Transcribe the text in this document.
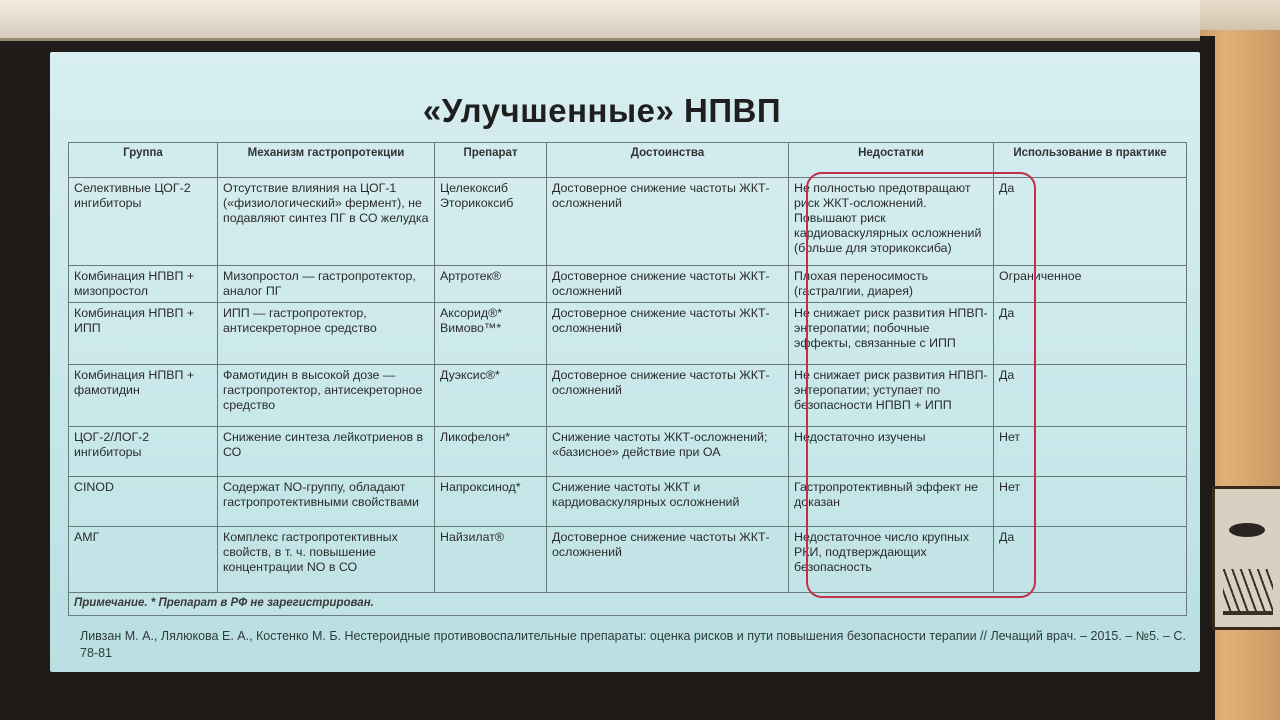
«Улучшенные» НПВП
Группа	Механизм гастропротекции	Препарат	Достоинства	Недостатки	Использование в практике
Селективные ЦОГ-2 ингибиторы	Отсутствие влияния на ЦОГ-1 («физиологический» фермент), не подавляют синтез ПГ в СО желудка	Целекоксиб Эторикоксиб	Достоверное снижение частоты ЖКТ-осложнений	Не полностью предотвращают риск ЖКТ-осложнений. Повышают риск кардиоваскулярных осложнений (больше для эторикоксиба)	Да
Комбинация НПВП + мизопростол	Мизопростол — гастропротектор, аналог ПГ	Артротек®	Достоверное снижение частоты ЖКТ-осложнений	Плохая переносимость (гастралгии, диарея)	Ограниченное
Комбинация НПВП + ИПП	ИПП — гастропротектор, антисекреторное средство	Аксорид®* Вимово™*	Достоверное снижение частоты ЖКТ-осложнений	Не снижает риск развития НПВП-энтеропатии; побочные эффекты, связанные с ИПП	Да
Комбинация НПВП + фамотидин	Фамотидин в высокой дозе — гастропротектор, антисекреторное средство	Дуэксис®*	Достоверное снижение частоты ЖКТ-осложнений	Не снижает риск развития НПВП-энтеропатии; уступает по безопасности НПВП + ИПП	Да
ЦОГ-2/ЛОГ-2 ингибиторы	Снижение синтеза лейкотриенов в СО	Ликофелон*	Снижение частоты ЖКТ-осложнений; «базисное» действие при ОА	Недостаточно изучены	Нет
CINOD	Содержат NO-группу, обладают гастропротективными свойствами	Напроксинод*	Снижение частоты ЖКТ и кардиоваскулярных осложнений	Гастропротективный эффект не доказан	Нет
АМГ	Комплекс гастропротективных свойств, в т. ч. повышение концентрации NO в СО	Найзилат®	Достоверное снижение частоты ЖКТ-осложнений	Недостаточное число крупных РКИ, подтверждающих безопасность	Да
Примечание. * Препарат в РФ не зарегистрирован.					
Ливзан М. А., Лялюкова Е. А., Костенко М. Б. Нестероидные противовоспалительные препараты: оценка рисков и пути повышения безопасности терапии // Лечащий врач. – 2015. – №5. – С. 78-81
